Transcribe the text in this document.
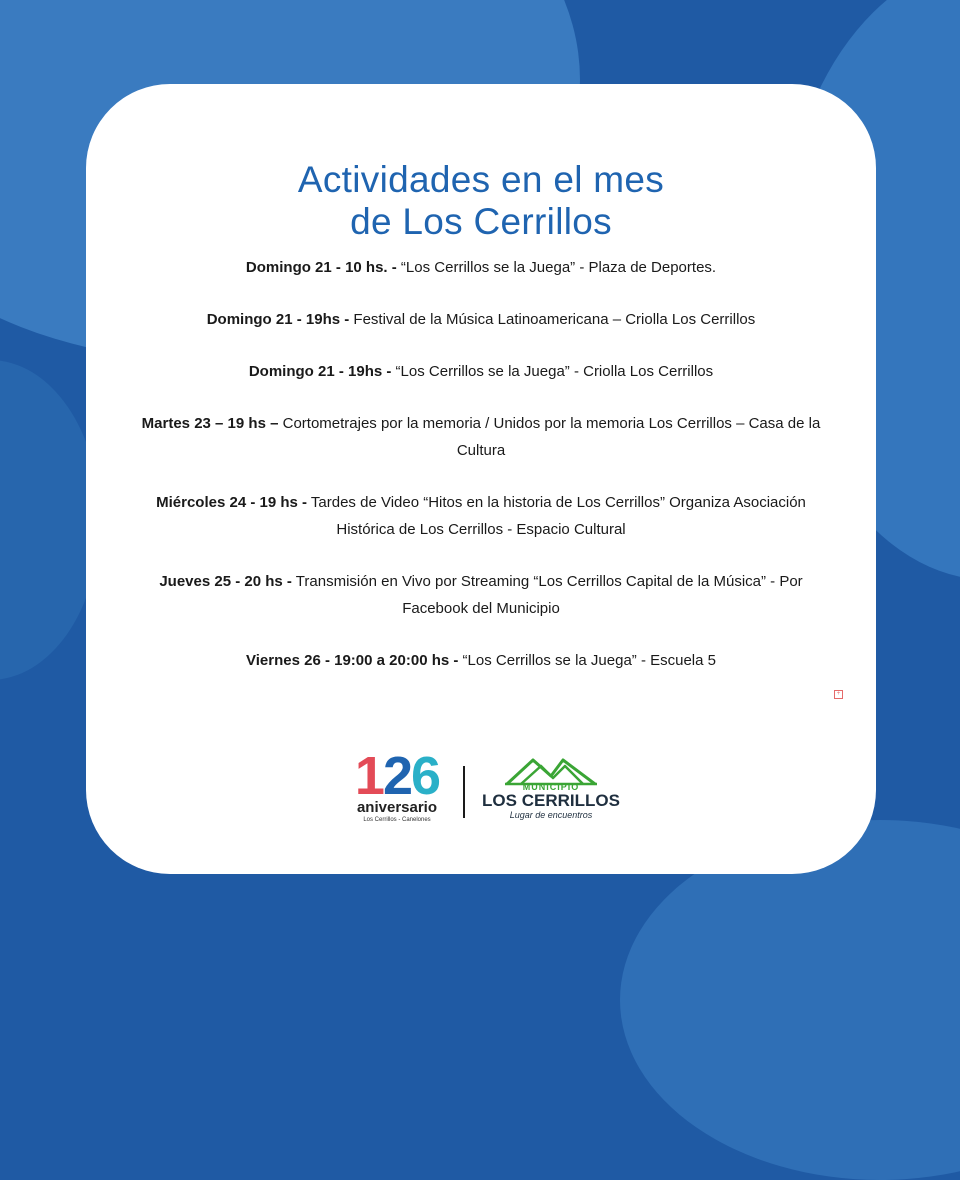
Actividades en el mes
de Los Cerrillos

Domingo 21 - 10 hs. - “Los Cerrillos se la Juega” - Plaza de Deportes.

Domingo 21 - 19hs - Festival de la Música Latinoamericana – Criolla Los Cerrillos

Domingo 21 - 19hs - “Los Cerrillos se la Juega” - Criolla Los Cerrillos

Martes 23 – 19 hs – Cortometrajes por la memoria / Unidos por la memoria Los Cerrillos – Casa de la Cultura

Miércoles 24 - 19 hs - Tardes de Video “Hitos en la historia de Los Cerrillos” Organiza Asociación Histórica de Los Cerrillos - Espacio Cultural

Jueves 25 - 20 hs - Transmisión en Vivo por Streaming “Los Cerrillos Capital de la Música” - Por Facebook del Municipio

Viernes 26 - 19:00 a 20:00 hs - “Los Cerrillos se la Juega” - Escuela 5

+
126
aniversario
Los Cerrillos - Canelones
MUNICIPIO
LOS CERRILLOS
Lugar de encuentros
